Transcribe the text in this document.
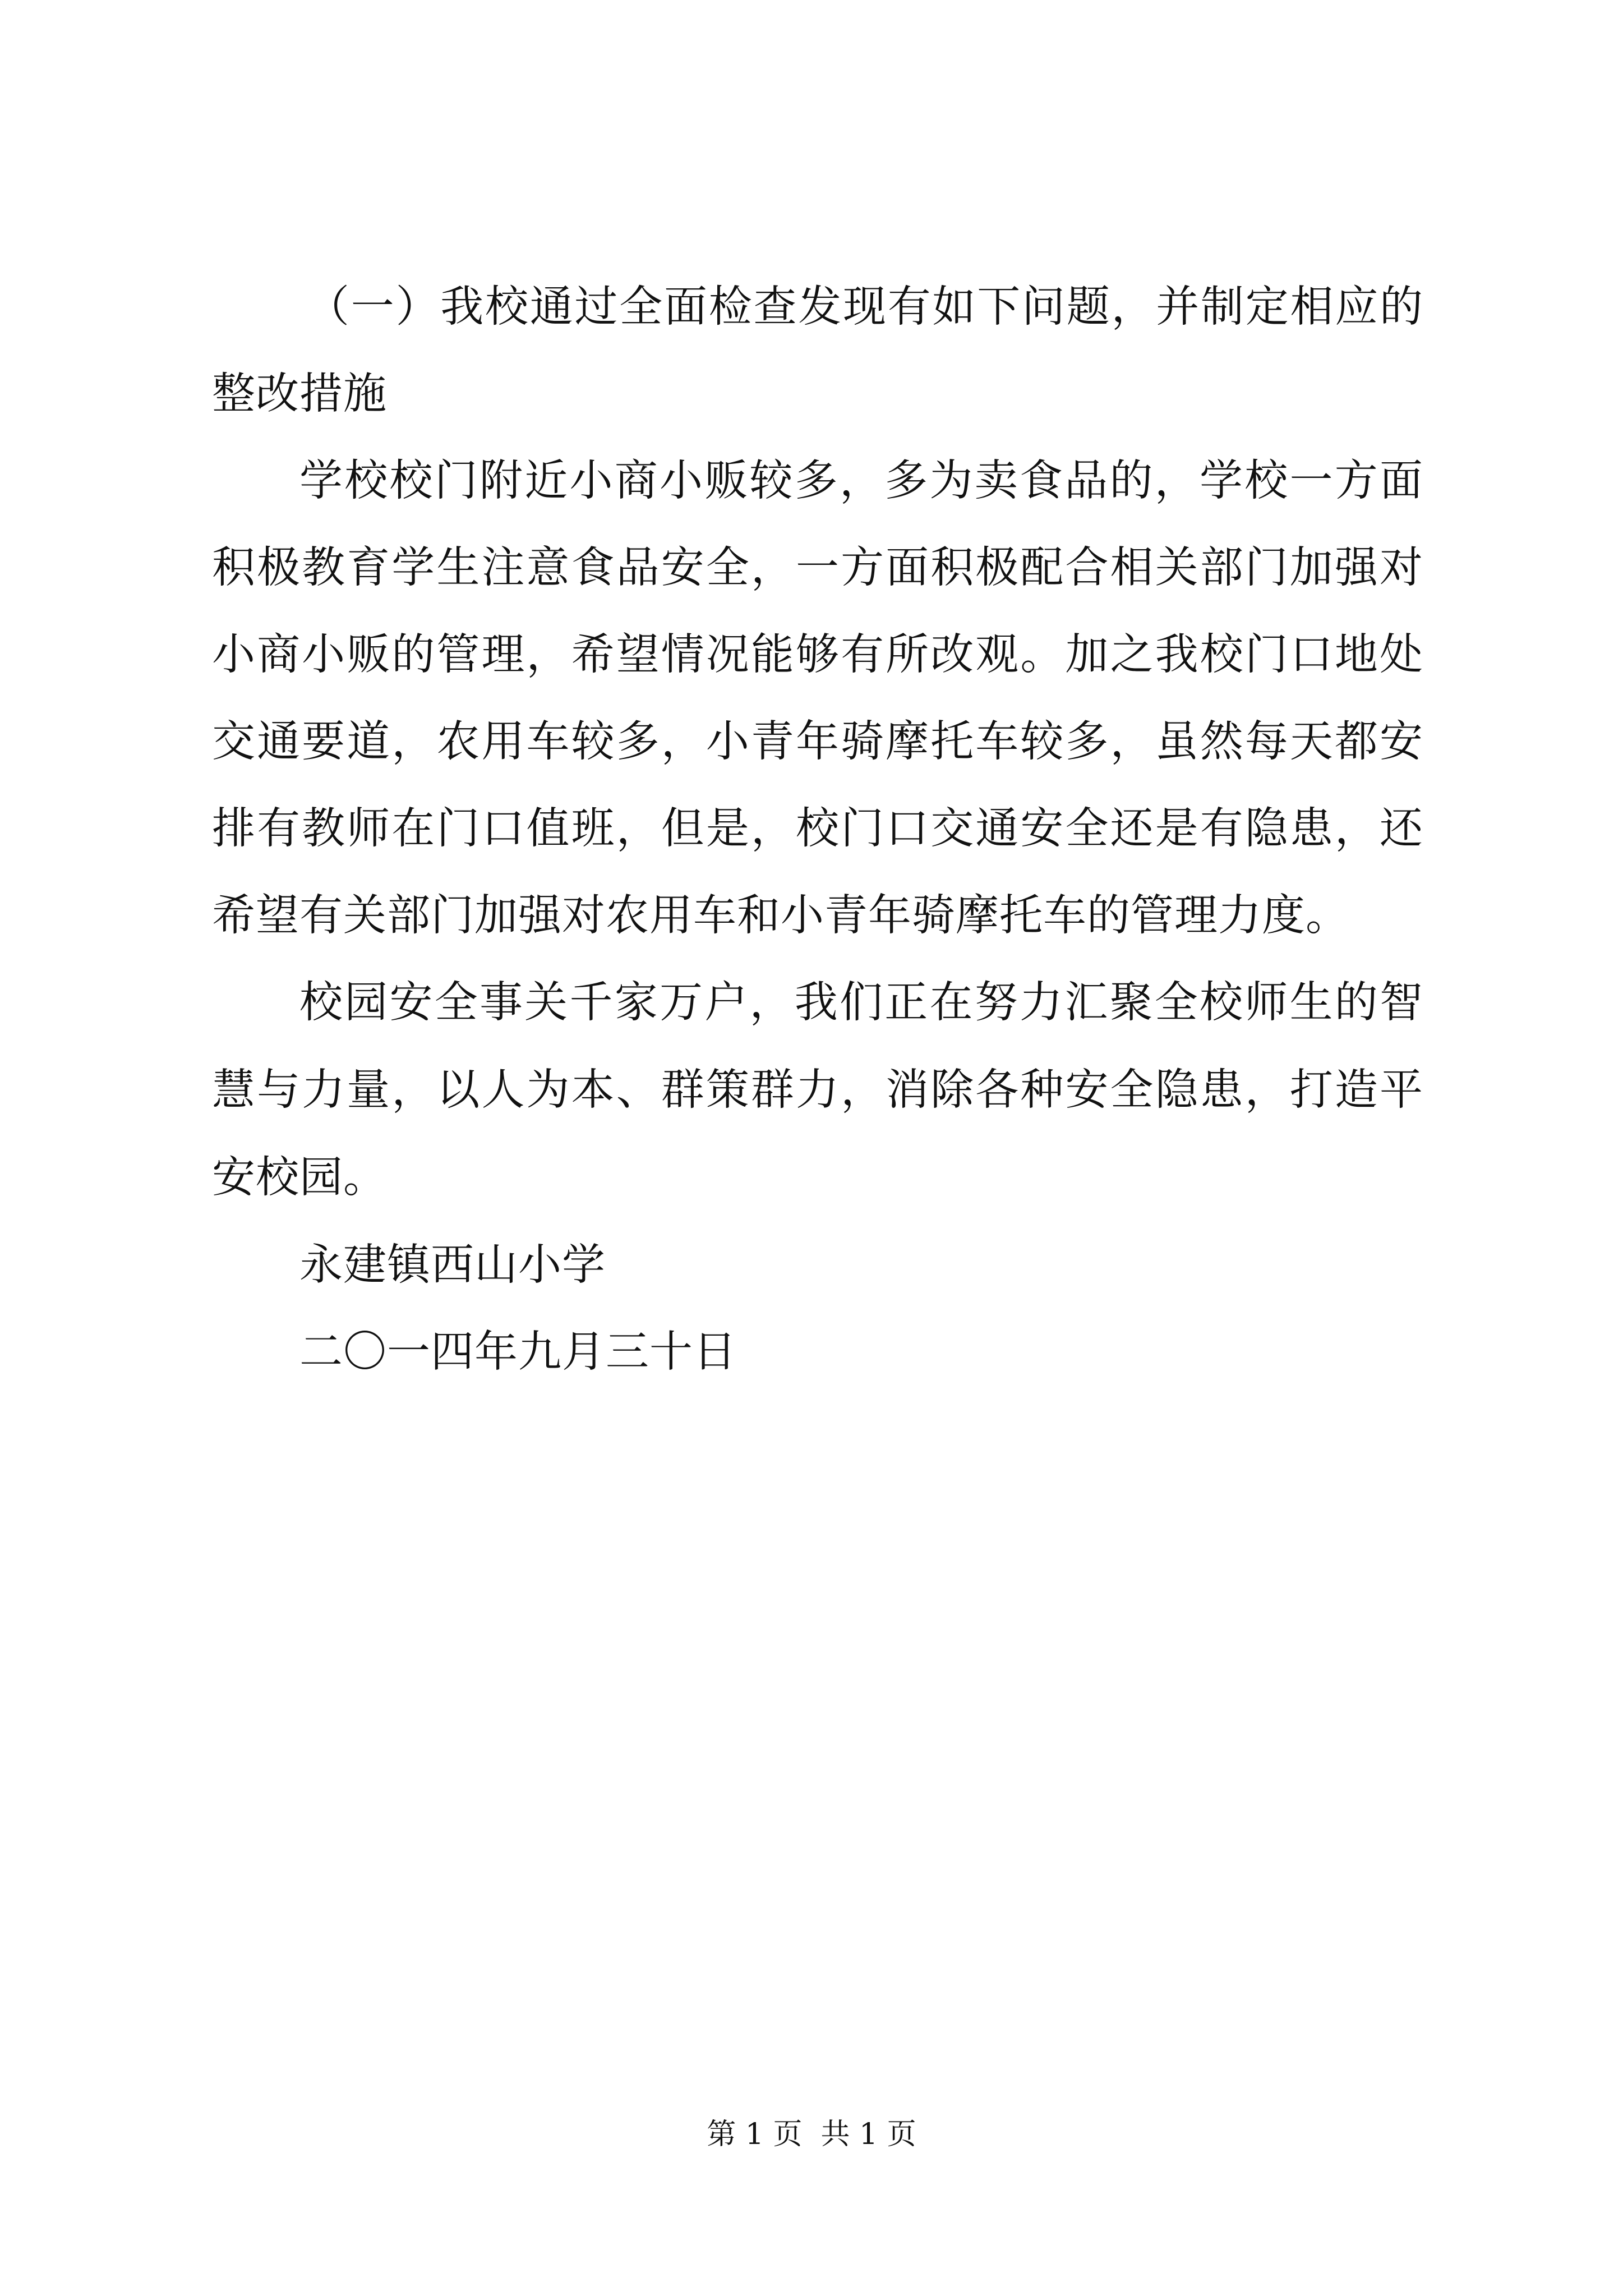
（一）我校通过全面检查发现有如下问题，并制定相应的整改措施

学校校门附近小商小贩较多，多为卖食品的，学校一方面积极教育学生注意食品安全，一方面积极配合相关部门加强对小商小贩的管理，希望情况能够有所改观。加之我校门口地处交通要道，农用车较多，小青年骑摩托车较多，虽然每天都安排有教师在门口值班，但是，校门口交通安全还是有隐患，还希望有关部门加强对农用车和小青年骑摩托车的管理力度。

校园安全事关千家万户，我们正在努力汇聚全校师生的智慧与力量，以人为本、群策群力，消除各种安全隐患，打造平安校园。

永建镇西山小学

二〇一四年九月三十日

第 1 页  共 1 页
